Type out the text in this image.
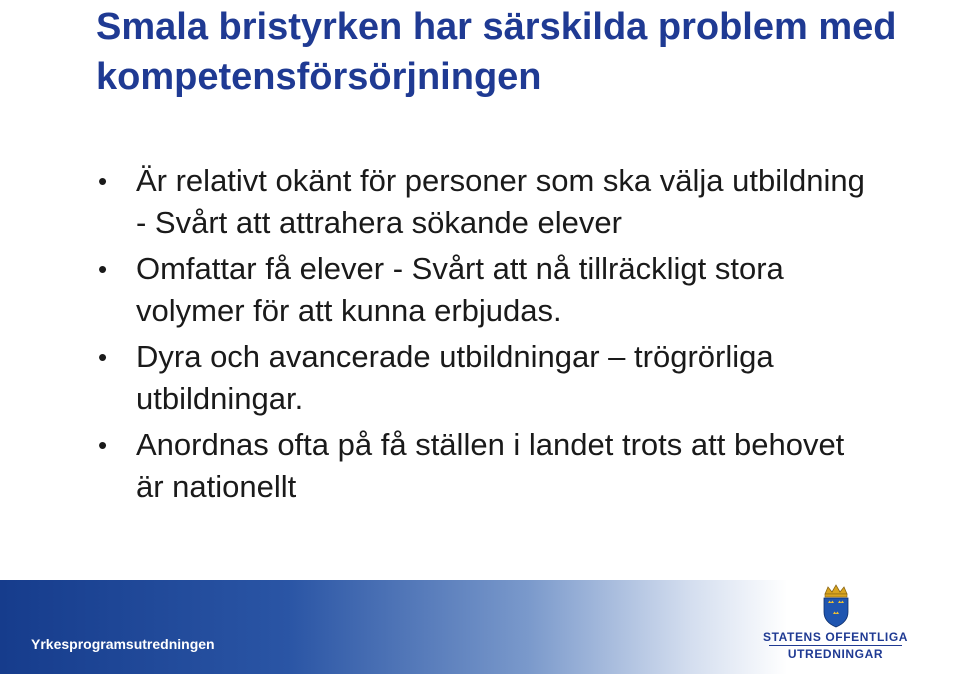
Smala bristyrken har särskilda problem med kompetensförsörjningen
• Är relativt okänt för personer som ska välja utbildning - Svårt att attrahera sökande elever
• Omfattar få elever - Svårt att nå tillräckligt stora volymer för att kunna erbjudas.
• Dyra och avancerade utbildningar – trögrörliga utbildningar.
• Anordnas ofta på få ställen i landet trots att behovet är nationellt
Yrkesprogramsutredningen	STATENS OFFENTLIGA
UTREDNINGAR
